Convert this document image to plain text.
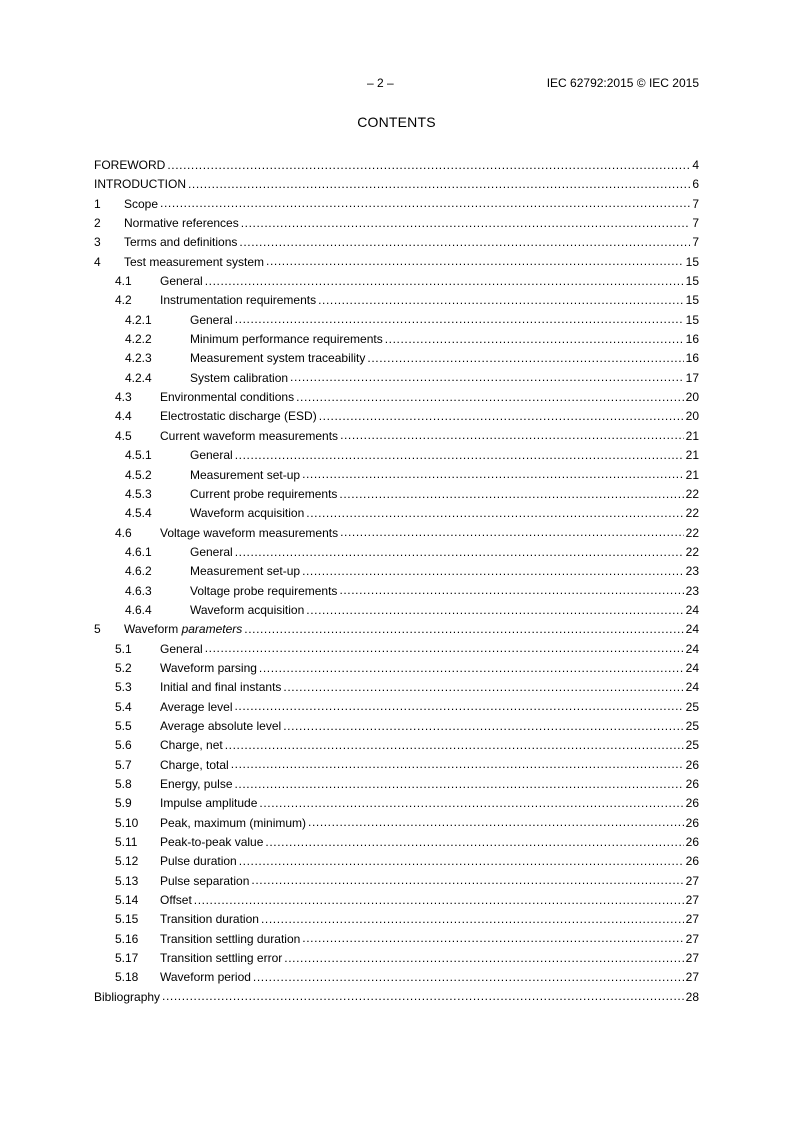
– 2 –	IEC 62792:2015 © IEC 2015
CONTENTS
FOREWORD .....	4
INTRODUCTION .....	6
1	Scope .....	7
2	Normative references .....	7
3	Terms and definitions .....	7
4	Test measurement system .....	15
4.1	General .....	15
4.2	Instrumentation requirements .....	15
4.2.1	General .....	15
4.2.2	Minimum performance requirements .....	16
4.2.3	Measurement system traceability .....	16
4.2.4	System calibration .....	17
4.3	Environmental conditions .....	20
4.4	Electrostatic discharge (ESD) .....	20
4.5	Current waveform measurements .....	21
4.5.1	General .....	21
4.5.2	Measurement set-up .....	21
4.5.3	Current probe requirements .....	22
4.5.4	Waveform acquisition .....	22
4.6	Voltage waveform measurements .....	22
4.6.1	General .....	22
4.6.2	Measurement set-up .....	23
4.6.3	Voltage probe requirements .....	23
4.6.4	Waveform acquisition .....	24
5	Waveform parameters .....	24
5.1	General .....	24
5.2	Waveform parsing .....	24
5.3	Initial and final instants .....	24
5.4	Average level .....	25
5.5	Average absolute level .....	25
5.6	Charge, net .....	25
5.7	Charge, total .....	26
5.8	Energy, pulse .....	26
5.9	Impulse amplitude .....	26
5.10	Peak, maximum (minimum) .....	26
5.11	Peak-to-peak value .....	26
5.12	Pulse duration .....	26
5.13	Pulse separation .....	27
5.14	Offset .....	27
5.15	Transition duration .....	27
5.16	Transition settling duration .....	27
5.17	Transition settling error .....	27
5.18	Waveform period .....	27
Bibliography .....	28
